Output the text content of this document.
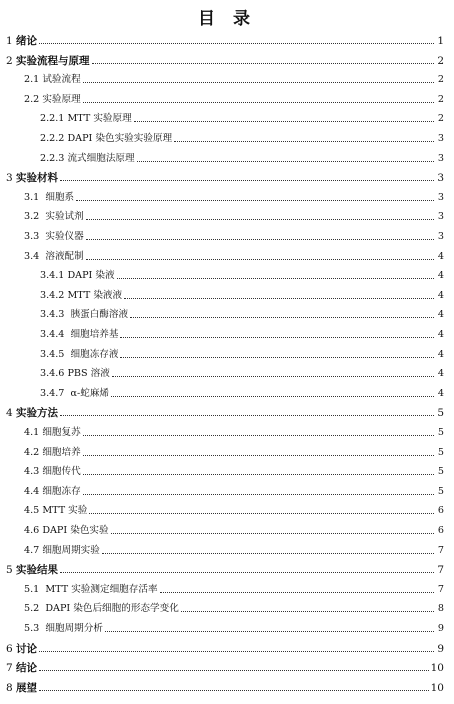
目 录
1 绪论	1
2 实验流程与原理	2
2.1 试验流程	2
2.2 实验原理	2
2.2.1 MTT 实验原理	2
2.2.2 DAPI 染色实验实验原理	3
2.2.3 流式细胞法原理	3
3 实验材料	3
3.1 细胞系	3
3.2 实验试剂	3
3.3 实验仪器	3
3.4 溶液配制	4
3.4.1 DAPI 染液	4
3.4.2 MTT 染液液	4
3.4.3 胰蛋白酶溶液	4
3.4.4 细胞培养基	4
3.4.5 细胞冻存液	4
3.4.6 PBS 溶液	4
3.4.7 α-蛇麻烯	4
4 实验方法	5
4.1 细胞复苏	5
4.2 细胞培养	5
4.3 细胞传代	5
4.4 细胞冻存	5
4.5 MTT 实验	6
4.6 DAPI 染色实验	6
4.7 细胞周期实验	7
5 实验结果	7
5.1 MTT 实验测定细胞存活率	7
5.2 DAPI 染色后细胞的形态学变化	8
5.3 细胞周期分析	9
6 讨论	9
7 结论	10
8 展望	10
